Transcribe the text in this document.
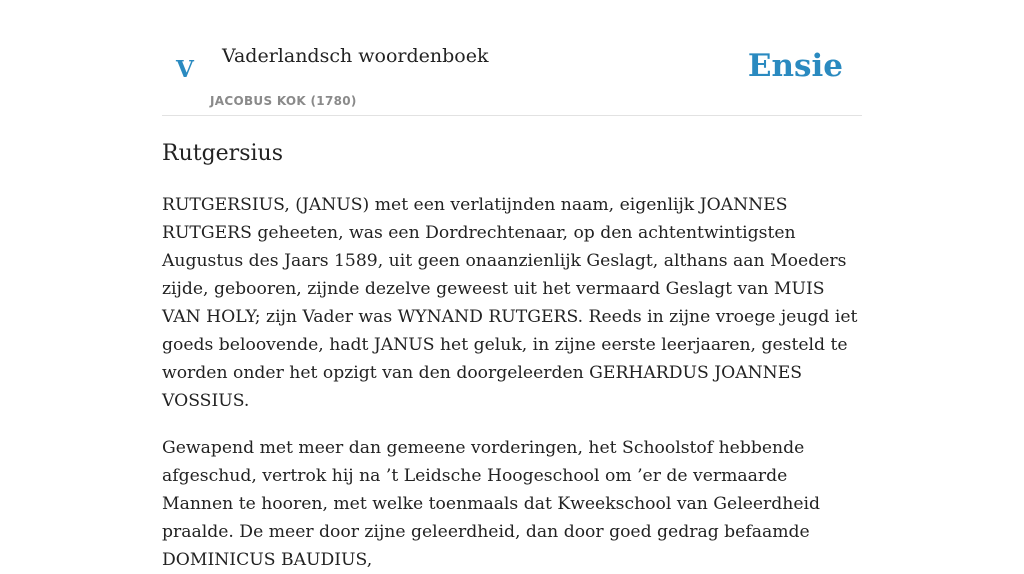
V Vaderlandsch woordenboek
JACOBUS KOK (1780)
Ensie
Rutgersius

RUTGERSIUS, (JANUS) met een verlatijnden naam, eigenlijk JOANNES RUTGERS geheeten, was een Dordrechtenaar, op den achtentwintigsten Augustus des Jaars 1589, uit geen onaanzienlijk Geslagt, althans aan Moeders zijde, gebooren, zijnde dezelve geweest uit het vermaard Geslagt van MUIS VAN HOLY; zijn Vader was WYNAND RUTGERS. Reeds in zijne vroege jeugd iet goeds beloovende, hadt JANUS het geluk, in zijne eerste leerjaaren, gesteld te worden onder het opzigt van den doorgeleerden GERHARDUS JOANNES VOSSIUS.

Gewapend met meer dan gemeene vorderingen, het Schoolstof hebbende afgeschud, vertrok hij na ’t Leidsche Hoogeschool om ’er de vermaarde Mannen te hooren, met welke toenmaals dat Kweekschool van Geleerdheid praalde. De meer door zijne geleerdheid, dan door goed gedrag befaamde DOMINICUS BAUDIUS,
